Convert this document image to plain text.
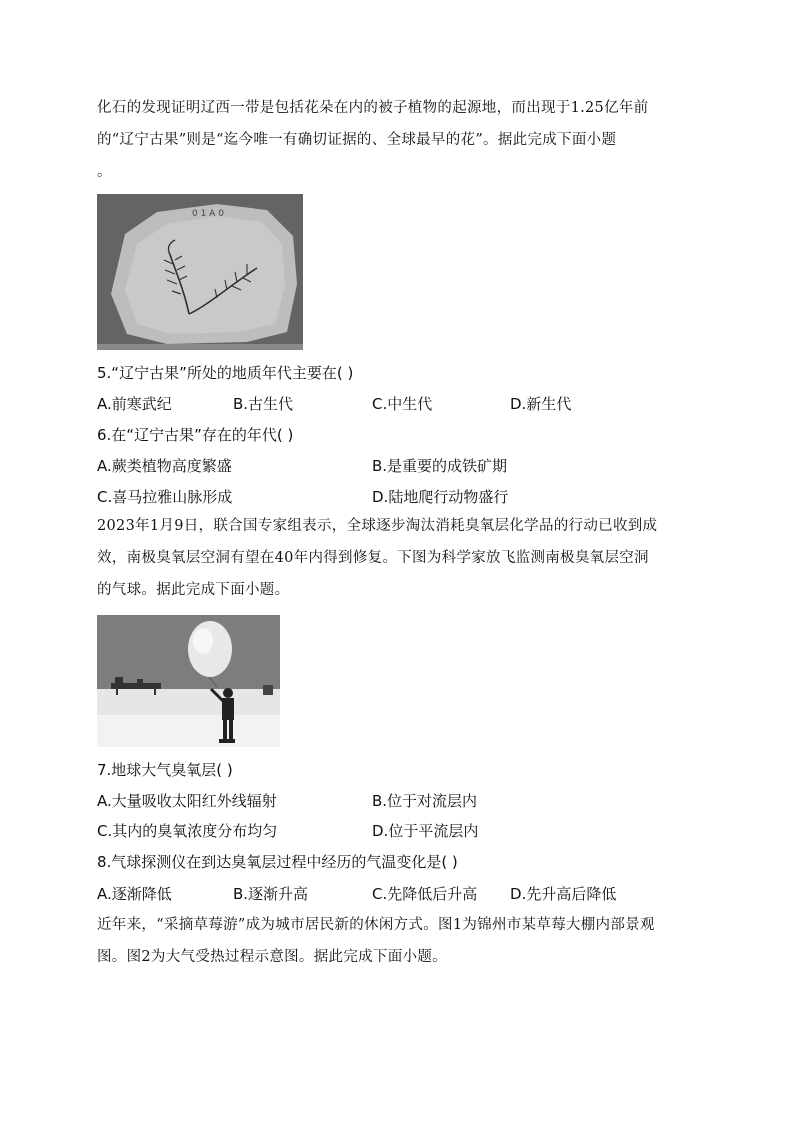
化石的发现证明辽西一带是包括花朵在内的被子植物的起源地，而出现于1.25亿年前
的“辽宁古果”则是“迄今唯一有确切证据的、全球最早的花”。据此完成下面小题
。
0 1 A 0
5.“辽宁古果”所处的地质年代主要在( )
A.前寒武纪	B.古生代	C.中生代	D.新生代
6.在“辽宁古果”存在的年代( )
A.蕨类植物高度繁盛	B.是重要的成铁矿期
C.喜马拉雅山脉形成	D.陆地爬行动物盛行
2023年1月9日，联合国专家组表示，全球逐步淘汰消耗臭氧层化学品的行动已收到成
效，南极臭氧层空洞有望在40年内得到修复。下图为科学家放飞监测南极臭氧层空洞
的气球。据此完成下面小题。
7.地球大气臭氧层( )
A.大量吸收太阳红外线辐射	B.位于对流层内
C.其内的臭氧浓度分布均匀	D.位于平流层内
8.气球探测仪在到达臭氧层过程中经历的气温变化是( )
A.逐渐降低	B.逐渐升高	C.先降低后升高 D.先升高后降低
近年来，“采摘草莓游”成为城市居民新的休闲方式。图1为锦州市某草莓大棚内部景观
图。图2为大气受热过程示意图。据此完成下面小题。
